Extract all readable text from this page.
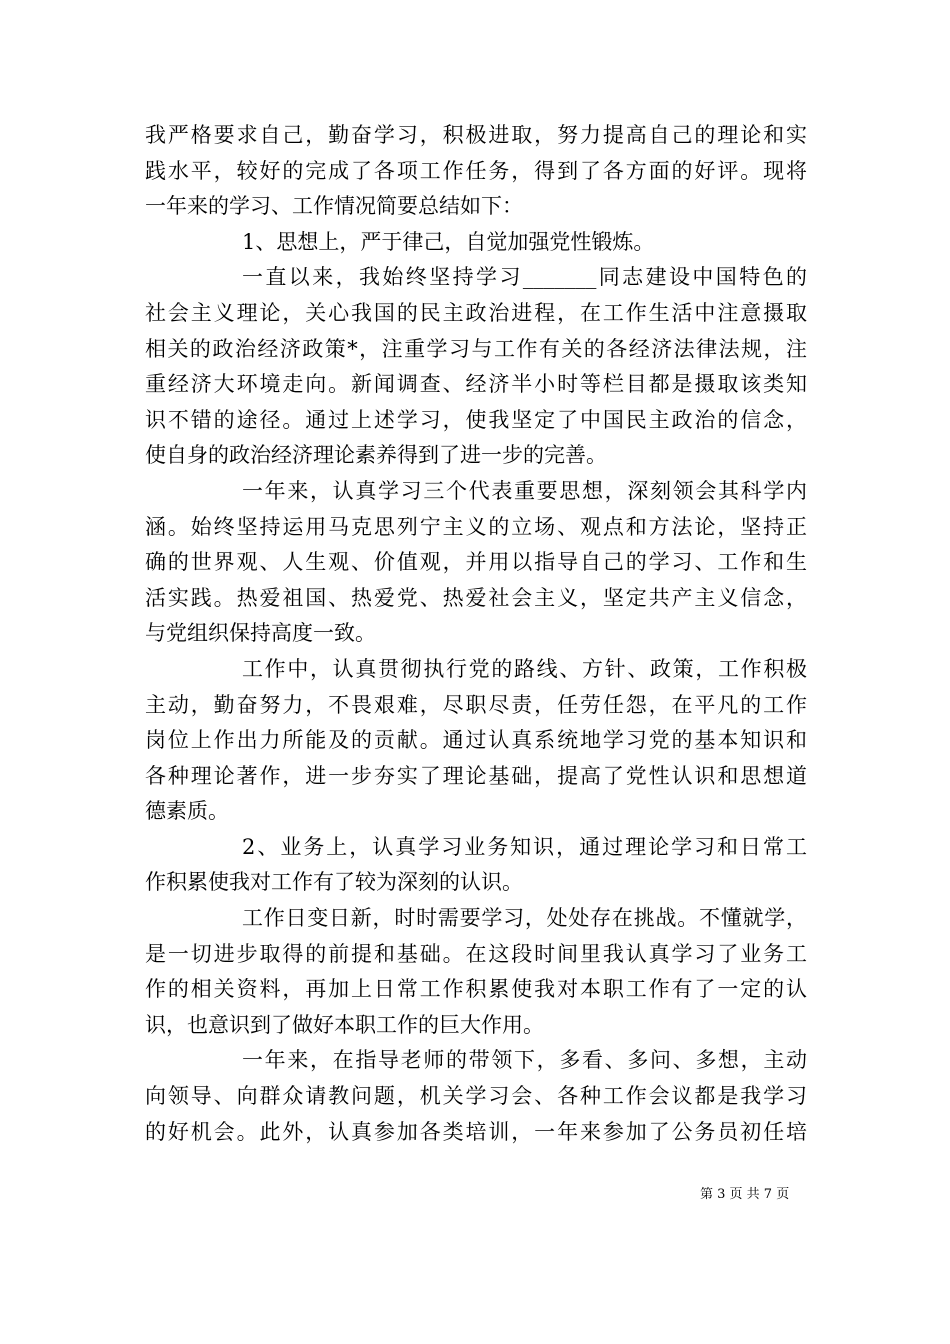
我严格要求自己，勤奋学习，积极进取，努力提高自己的理论和实
践水平，较好的完成了各项工作任务，得到了各方面的好评。现将
一年来的学习、工作情况简要总结如下：
1、思想上，严于律己，自觉加强党性锻炼。
一直以来，我始终坚持学习_______同志建设中国特色的
社会主义理论，关心我国的民主政治进程，在工作生活中注意摄取
相关的政治经济政策*，注重学习与工作有关的各经济法律法规，注
重经济大环境走向。新闻调查、经济半小时等栏目都是摄取该类知
识不错的途径。通过上述学习，使我坚定了中国民主政治的信念，
使自身的政治经济理论素养得到了进一步的完善。
一年来，认真学习三个代表重要思想，深刻领会其科学内
涵。始终坚持运用马克思列宁主义的立场、观点和方法论，坚持正
确的世界观、人生观、价值观，并用以指导自己的学习、工作和生
活实践。热爱祖国、热爱党、热爱社会主义，坚定共产主义信念，
与党组织保持高度一致。
工作中，认真贯彻执行党的路线、方针、政策，工作积极
主动，勤奋努力，不畏艰难，尽职尽责，任劳任怨，在平凡的工作
岗位上作出力所能及的贡献。通过认真系统地学习党的基本知识和
各种理论著作，进一步夯实了理论基础，提高了党性认识和思想道
德素质。
2、业务上，认真学习业务知识，通过理论学习和日常工
作积累使我对工作有了较为深刻的认识。
工作日变日新，时时需要学习，处处存在挑战。不懂就学，
是一切进步取得的前提和基础。在这段时间里我认真学习了业务工
作的相关资料，再加上日常工作积累使我对本职工作有了一定的认
识，也意识到了做好本职工作的巨大作用。
一年来，在指导老师的带领下，多看、多问、多想，主动
向领导、向群众请教问题，机关学习会、各种工作会议都是我学习
的好机会。此外，认真参加各类培训，一年来参加了公务员初任培
第 3 页 共 7 页
